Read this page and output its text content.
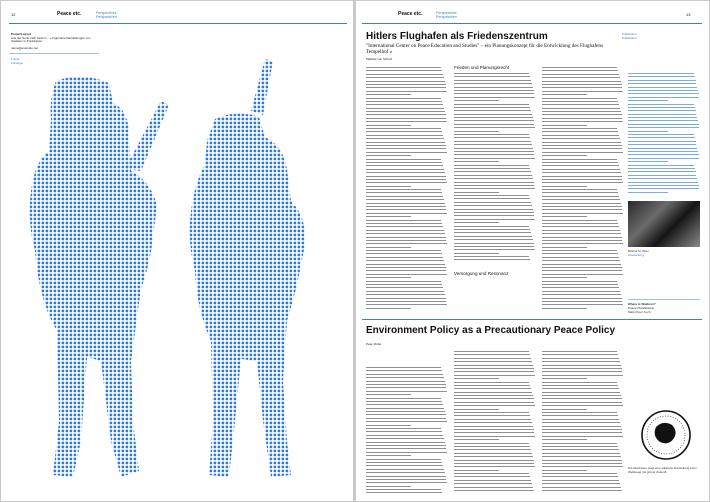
12	Peace etc.	Perspectives
Perspektiven
Poster/Layout
Aus der Serie »Wir fordern ...« Figurative Darstellungen von Soldaten in Punktraster.
name@example.net
Friede
Fürsorge
Peace etc.	Perspectives
Perspektiven
13
Hitlers Flughafen als Friedenszentrum
"International Center on Peace Education and Studies" – ein Planungskonzept für die Entwicklung des Flughafens Tempelhof »
Publication
Publikation
Mathias von Schulz
Frieden und Planungsrecht
Versorgung und Resonanz
Bettina M. Pfau
Ausstellung
Where is Waldenn?
Peace Pfau/Ekstein
Mark-Peter Koch
Environment Policy as a Precautionary Peace Policy
Peter Rübe
Die Illustration zeigt eine stilisierte Darstellung einer Weltkugel mit grüner Zukunft.
